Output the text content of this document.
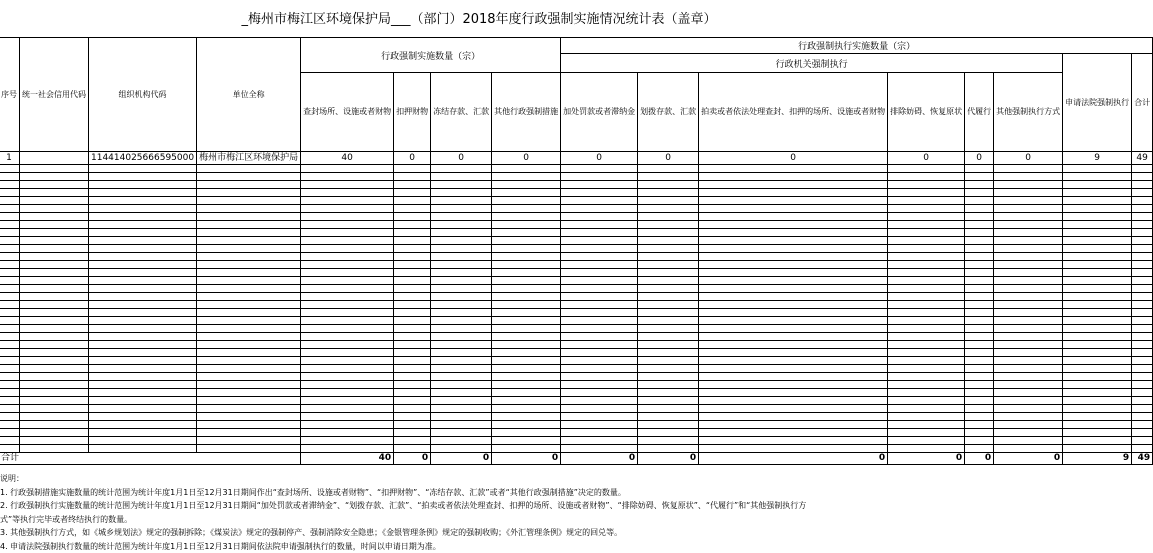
_梅州市梅江区环境保护局___（部门）2018年度行政强制实施情况统计表（盖章）
序号	统一社会信用代码	组织机构代码	单位全称	行政强制实施数量（宗）				行政强制执行实施数量（宗）							
								行政机关强制执行						申请法院强制执行	合计
				查封场所、设施或者财物	扣押财物	冻结存款、汇款	其他行政强制措施	加处罚款或者滞纳金	划拨存款、汇款	拍卖或者依法处理查封、扣押的场所、设施或者财物	排除妨碍、恢复原状	代履行	其他强制执行方式		
1		114414025666595000	梅州市梅江区环境保护局	40	0	0	0	0	0	0	0	0	0	9	49

合计				40	0	0	0	0	0	0	0	0	0	9	49
说明：
1. 行政强制措施实施数量的统计范围为统计年度1月1日至12月31日期间作出“查封场所、设施或者财物”、“扣押财物”、“冻结存款、汇款”或者“其他行政强制措施”决定的数量。
2. 行政强制执行实施数量的统计范围为统计年度1月1日至12月31日期间“加处罚款或者滞纳金”、“划拨存款、汇款”、“拍卖或者依法处理查封、扣押的场所、设施或者财物”、“排除妨碍、恢复原状”、“代履行”和“其他强制执行方
式”等执行完毕或者终结执行的数量。
3. 其他强制执行方式，如《城乡规划法》规定的强制拆除；《煤炭法》规定的强制停产、强制消除安全隐患；《金银管理条例》规定的强制收购；《外汇管理条例》规定的回兑等。
4. 申请法院强制执行数量的统计范围为统计年度1月1日至12月31日期间依法院申请强制执行的数量，时间以申请日期为准。
